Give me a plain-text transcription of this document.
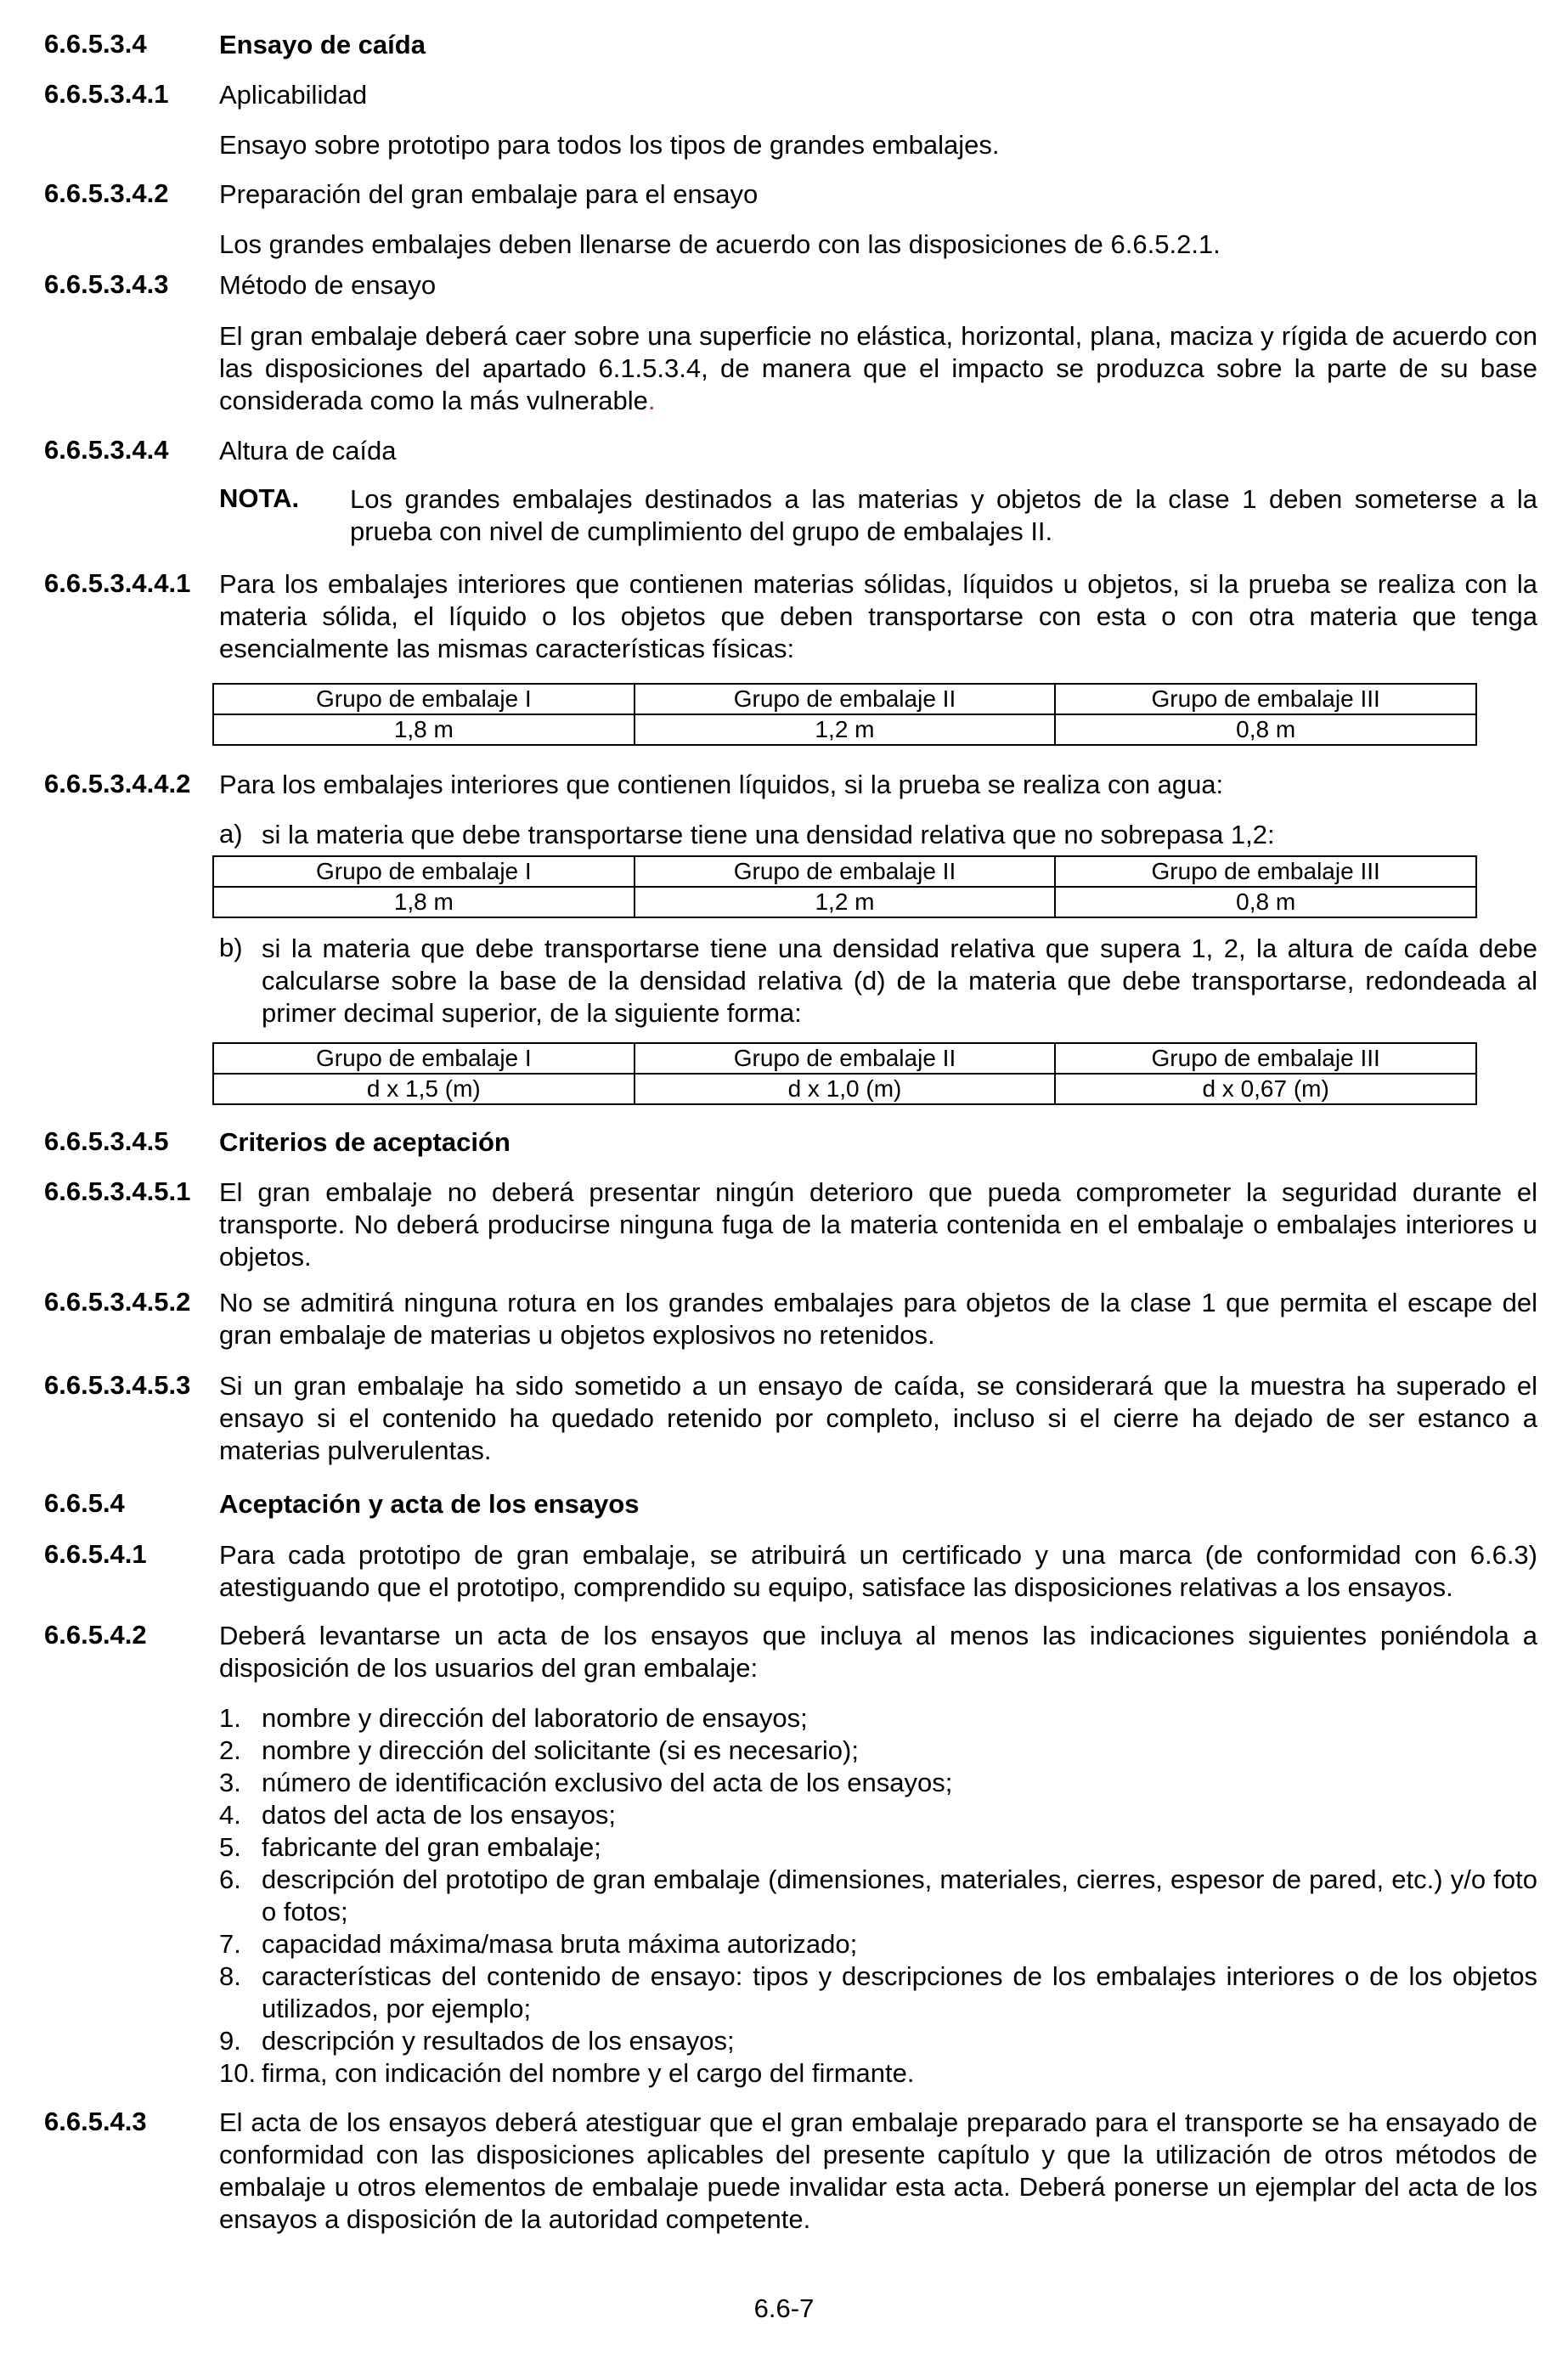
6.6.5.3.4	Ensayo de caída
6.6.5.3.4.1 Aplicabilidad
Ensayo sobre prototipo para todos los tipos de grandes embalajes.
6.6.5.3.4.2 Preparación del gran embalaje para el ensayo
Los grandes embalajes deben llenarse de acuerdo con las disposiciones de 6.6.5.2.1.
6.6.5.3.4.3 Método de ensayo
El gran embalaje deberá caer sobre una superficie no elástica, horizontal, plana, maciza y rígida de acuerdo con las disposiciones del apartado 6.1.5.3.4, de manera que el impacto se produzca sobre la parte de su base considerada como la más vulnerable.
6.6.5.3.4.4 Altura de caída
NOTA. Los grandes embalajes destinados a las materias y objetos de la clase 1 deben someterse a la prueba con nivel de cumplimiento del grupo de embalajes II.
6.6.5.3.4.4.1 Para los embalajes interiores que contienen materias sólidas, líquidos u objetos, si la prueba se realiza con la materia sólida, el líquido o los objetos que deben transportarse con esta o con otra materia que tenga esencialmente las mismas características físicas:
Grupo de embalaje I	Grupo de embalaje II	Grupo de embalaje III
1,8 m	1,2 m	0,8 m
6.6.5.3.4.4.2 Para los embalajes interiores que contienen líquidos, si la prueba se realiza con agua:
a) si la materia que debe transportarse tiene una densidad relativa que no sobrepasa 1,2:
Grupo de embalaje I	Grupo de embalaje II	Grupo de embalaje III
1,8 m	1,2 m	0,8 m
b) si la materia que debe transportarse tiene una densidad relativa que supera 1, 2, la altura de caída debe calcularse sobre la base de la densidad relativa (d) de la materia que debe transportarse, redondeada al primer decimal superior, de la siguiente forma:
Grupo de embalaje I	Grupo de embalaje II	Grupo de embalaje III
d x 1,5 (m)	d x 1,0 (m)	d x 0,67 (m)
6.6.5.3.4.5 Criterios de aceptación
6.6.5.3.4.5.1 El gran embalaje no deberá presentar ningún deterioro que pueda comprometer la seguridad durante el transporte. No deberá producirse ninguna fuga de la materia contenida en el embalaje o embalajes interiores u objetos.
6.6.5.3.4.5.2 No se admitirá ninguna rotura en los grandes embalajes para objetos de la clase 1 que permita el escape del gran embalaje de materias u objetos explosivos no retenidos.
6.6.5.3.4.5.3 Si un gran embalaje ha sido sometido a un ensayo de caída, se considerará que la muestra ha superado el ensayo si el contenido ha quedado retenido por completo, incluso si el cierre ha dejado de ser estanco a materias pulverulentas.
6.6.5.4	Aceptación y acta de los ensayos
6.6.5.4.1	Para cada prototipo de gran embalaje, se atribuirá un certificado y una marca (de conformidad con 6.6.3) atestiguando que el prototipo, comprendido su equipo, satisface las disposiciones relativas a los ensayos.
6.6.5.4.2	Deberá levantarse un acta de los ensayos que incluya al menos las indicaciones siguientes poniéndola a disposición de los usuarios del gran embalaje:
1. nombre y dirección del laboratorio de ensayos;
2. nombre y dirección del solicitante (si es necesario);
3. número de identificación exclusivo del acta de los ensayos;
4. datos del acta de los ensayos;
5. fabricante del gran embalaje;
6. descripción del prototipo de gran embalaje (dimensiones, materiales, cierres, espesor de pared, etc.) y/o foto o fotos;
7. capacidad máxima/masa bruta máxima autorizado;
8. características del contenido de ensayo: tipos y descripciones de los embalajes interiores o de los objetos utilizados, por ejemplo;
9. descripción y resultados de los ensayos;
10. firma, con indicación del nombre y el cargo del firmante.
6.6.5.4.3	El acta de los ensayos deberá atestiguar que el gran embalaje preparado para el transporte se ha ensayado de conformidad con las disposiciones aplicables del presente capítulo y que la utilización de otros métodos de embalaje u otros elementos de embalaje puede invalidar esta acta. Deberá ponerse un ejemplar del acta de los ensayos a disposición de la autoridad competente.
6.6-7
